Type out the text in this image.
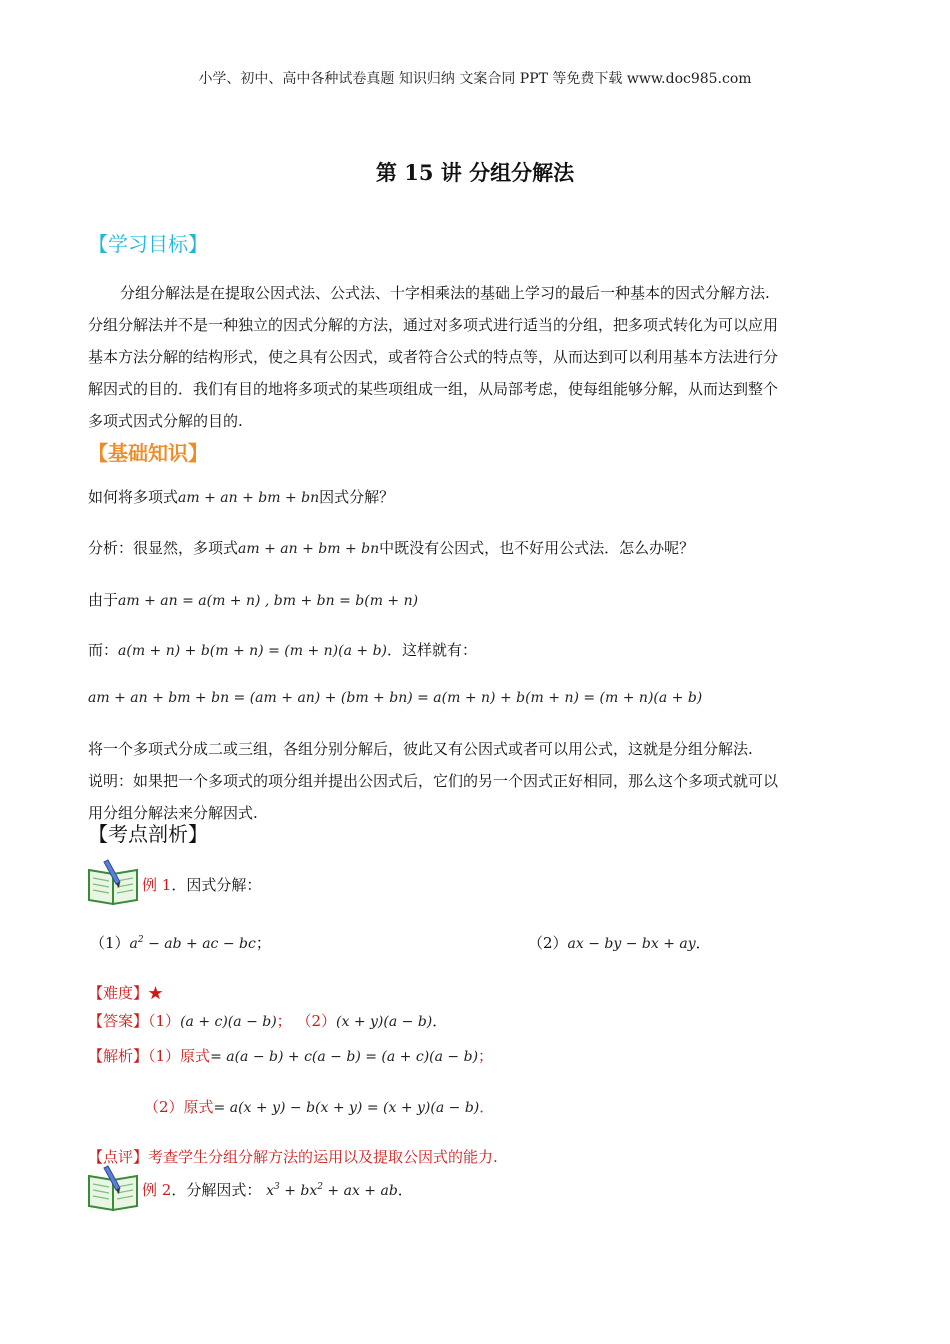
小学、初中、高中各种试卷真题 知识归纳 文案合同 PPT 等免费下载 www.doc985.com
第 15 讲 分组分解法
【学习目标】
分组分解法是在提取公因式法、公式法、十字相乘法的基础上学习的最后一种基本的因式分解方法.
分组分解法并不是一种独立的因式分解的方法，通过对多项式进行适当的分组，把多项式转化为可以应用
基本方法分解的结构形式，使之具有公因式，或者符合公式的特点等，从而达到可以利用基本方法进行分
解因式的目的．我们有目的地将多项式的某些项组成一组，从局部考虑，使每组能够分解，从而达到整个
多项式因式分解的目的.
【基础知识】
如何将多项式am + an + bm + bn因式分解？
分析：很显然，多项式am + an + bm + bn中既没有公因式，也不好用公式法．怎么办呢？
由于am + an = a(m + n) , bm + bn = b(m + n)
而：a(m + n) + b(m + n) = (m + n)(a + b)．这样就有：
am + an + bm + bn = (am + an) + (bm + bn) = a(m + n) + b(m + n) = (m + n)(a + b)
将一个多项式分成二或三组，各组分别分解后，彼此又有公因式或者可以用公式，这就是分组分解法.
说明：如果把一个多项式的项分组并提出公因式后，它们的另一个因式正好相同，那么这个多项式就可以
用分组分解法来分解因式.
【考点剖析】
例 1．因式分解：
$(1)a^2$ − ab + ac − bc；	（2）ax − by − bx + ay．
【难度】★
【答案】（1）(a + c)(a − b)； （2）(x + y)(a − b)．
【解析】（1）原式= a(a − b) + c(a − b) = (a + c)(a − b)；
（2）原式= a(x + y) − b(x + y) = (x + y)(a − b)．
【点评】考查学生分组分解方法的运用以及提取公因式的能力.
例 2．分解因式： $x^3 + bx^2$ + ax + ab．
